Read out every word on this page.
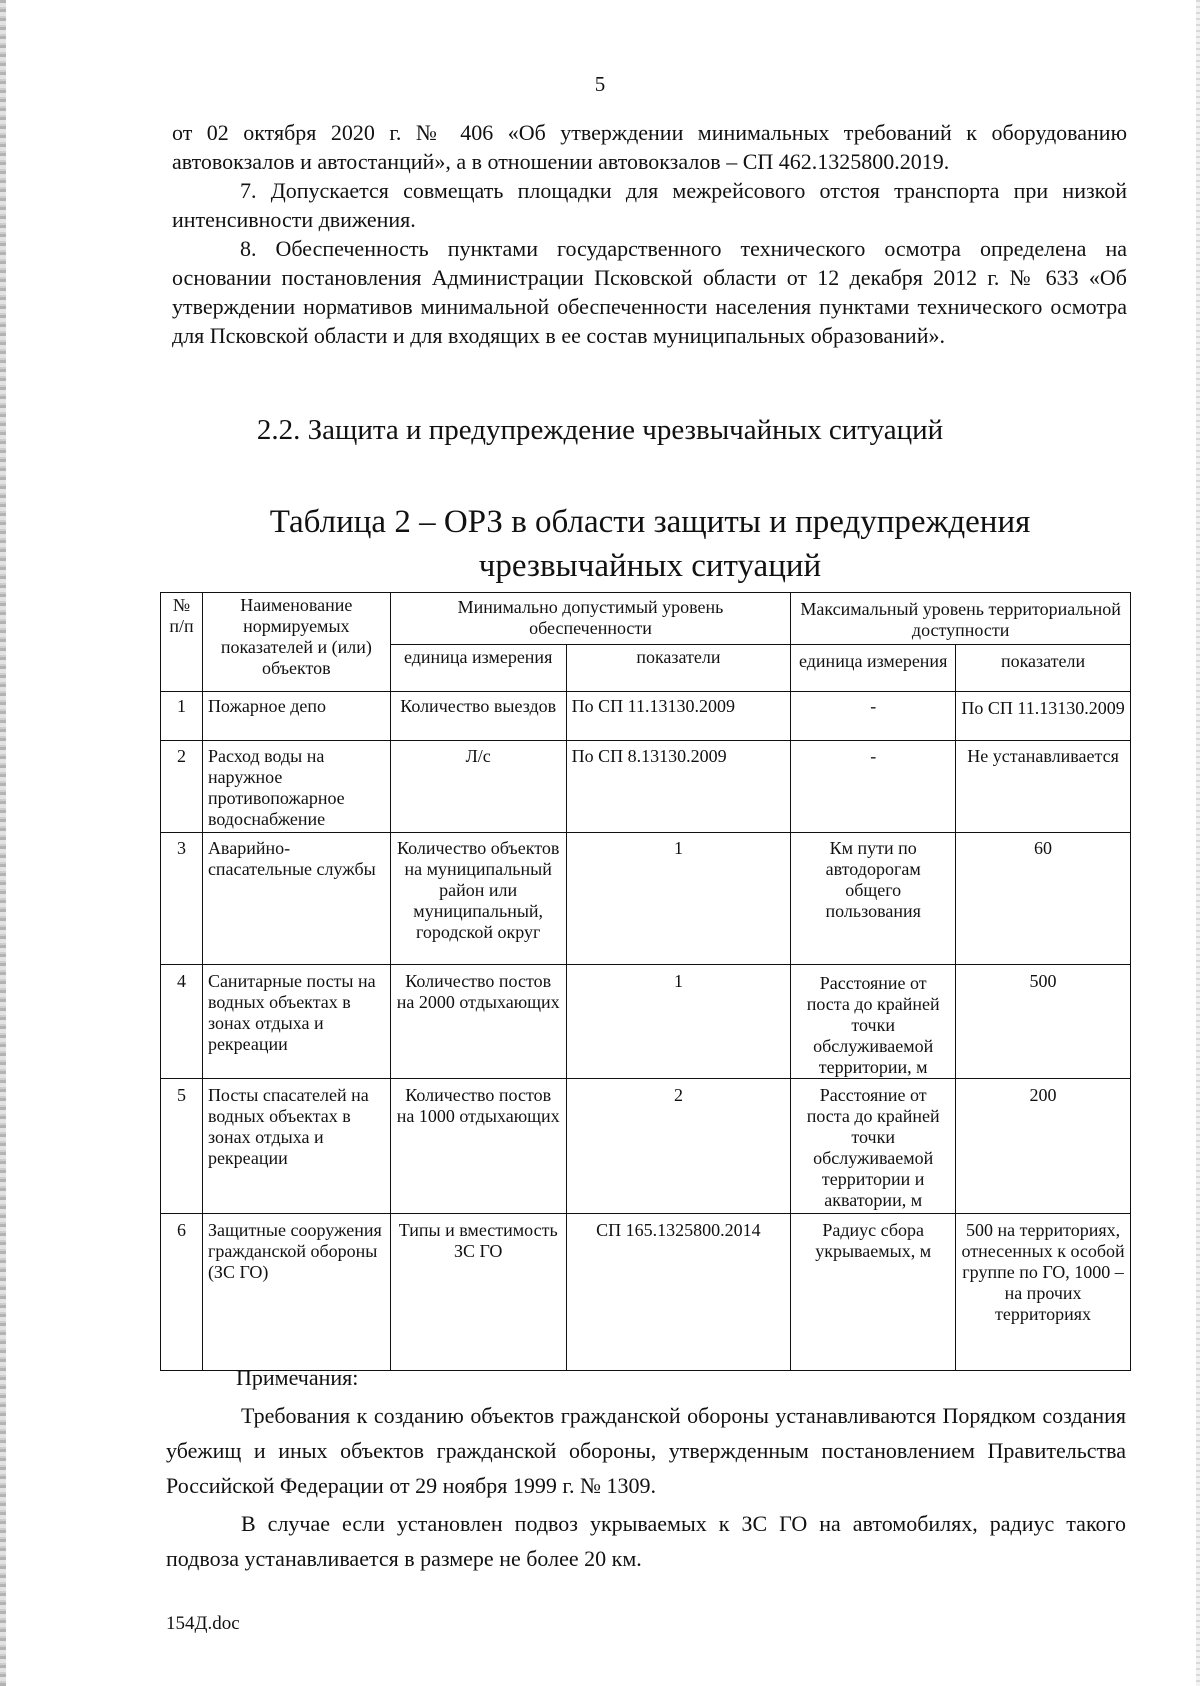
5

от 02 октября 2020 г. № 406 «Об утверждении минимальных требований к оборудованию автовокзалов и автостанций», а в отношении автовокзалов – СП 462.1325800.2019.

7. Допускается совмещать площадки для межрейсового отстоя транспорта при низкой интенсивности движения.

8. Обеспеченность пунктами государственного технического осмотра определена на основании постановления Администрации Псковской области от 12 декабря 2012 г. № 633 «Об утверждении нормативов минимальной обеспеченности населения пунктами технического осмотра для Псковской области и для входящих в ее состав муниципальных образований».

2.2. Защита и предупреждение чрезвычайных ситуаций
Таблица 2 – ОРЗ в области защиты и предупреждения чрезвычайных ситуаций
№ п/п	Наименование нормируемых показателей и (или) объектов	Минимально допустимый уровень обеспеченности		Максимальный уровень территориальной доступности	
		единица измерения	показатели	единица измерения	показатели
1	Пожарное депо	Количество выездов	По СП 11.13130.2009	-	По СП 11.13130.2009
2	Расход воды на наружное противопожарное водоснабжение	Л/с	По СП 8.13130.2009	-	Не устанавливается
3	Аварийно-спасательные службы	Количество объектов на муниципальный район или муниципальный, городской округ	1	Км пути по автодорогам общего пользования	60
4	Санитарные посты на водных объектах в зонах отдыха и рекреации	Количество постов на 2000 отдыхающих	1	Расстояние от поста до крайней точки обслуживаемой территории, м	500
5	Посты спасателей на водных объектах в зонах отдыха и рекреации	Количество постов на 1000 отдыхающих	2	Расстояние от поста до крайней точки обслуживаемой территории и акватории, м	200
6	Защитные сооружения гражданской обороны (ЗС ГО)	Типы и вместимость ЗС ГО	СП 165.1325800.2014	Радиус сбора укрываемых, м	500 на территориях, отнесенных к особой группе по ГО, 1000 – на прочих территориях

Примечания:

Требования к созданию объектов гражданской обороны устанавливаются Порядком создания убежищ и иных объектов гражданской обороны, утвержденным постановлением Правительства Российской Федерации от 29 ноября 1999 г. № 1309.

В случае если установлен подвоз укрываемых к ЗС ГО на автомобилях, радиус такого подвоза устанавливается в размере не более 20 км.

154Д.doc
